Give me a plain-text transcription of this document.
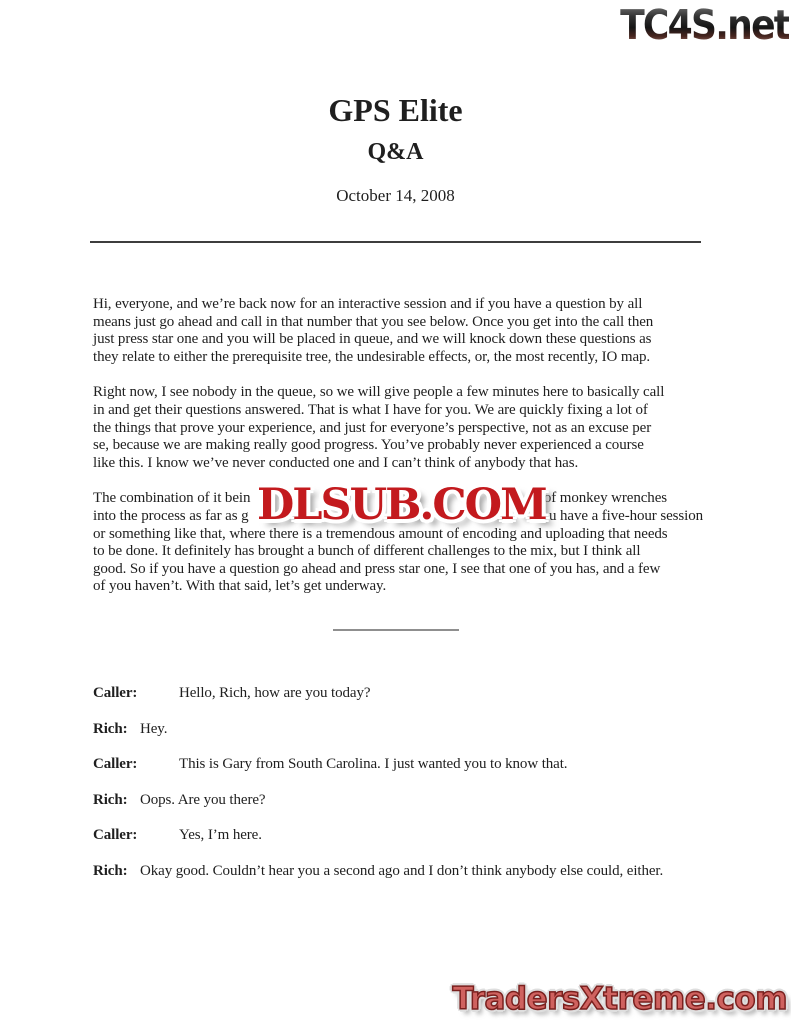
TC4S.net
GPS Elite
Q&A
October 14, 2008
Hi, everyone, and we’re back now for an interactive session and if you have a question by all
means just go ahead and call in that number that you see below. Once you get into the call then
just press star one and you will be placed in queue, and we will knock down these questions as
they relate to either the prerequisite tree, the undesirable effects, or, the most recently, IO map.
Right now, I see nobody in the queue, so we will give people a few minutes here to basically call
in and get their questions answered. That is what I have for you. We are quickly fixing a lot of
the things that prove your experience, and just for everyone’s perspective, not as an excuse per
se, because we are making really good progress. You’ve probably never experienced a course
like this. I know we’ve never conducted one and I can’t think of anybody that has.
The combination of it bein	h of monkey wrenches
into the process as far as g	u have a five-hour session
or something like that, where there is a tremendous amount of encoding and uploading that needs
to be done. It definitely has brought a bunch of different challenges to the mix, but I think all
good. So if you have a question go ahead and press star one, I see that one of you has, and a few
of you haven’t. With that said, let’s get underway.
Caller:	Hello, Rich, how are you today?
Rich: Hey.
Caller:	This is Gary from South Carolina. I just wanted you to know that.
Rich: Oops. Are you there?
Caller:	Yes, I’m here.
Rich: Okay good. Couldn’t hear you a second ago and I don’t think anybody else could, either.
DLSUB.COM
TradersXtreme.com
